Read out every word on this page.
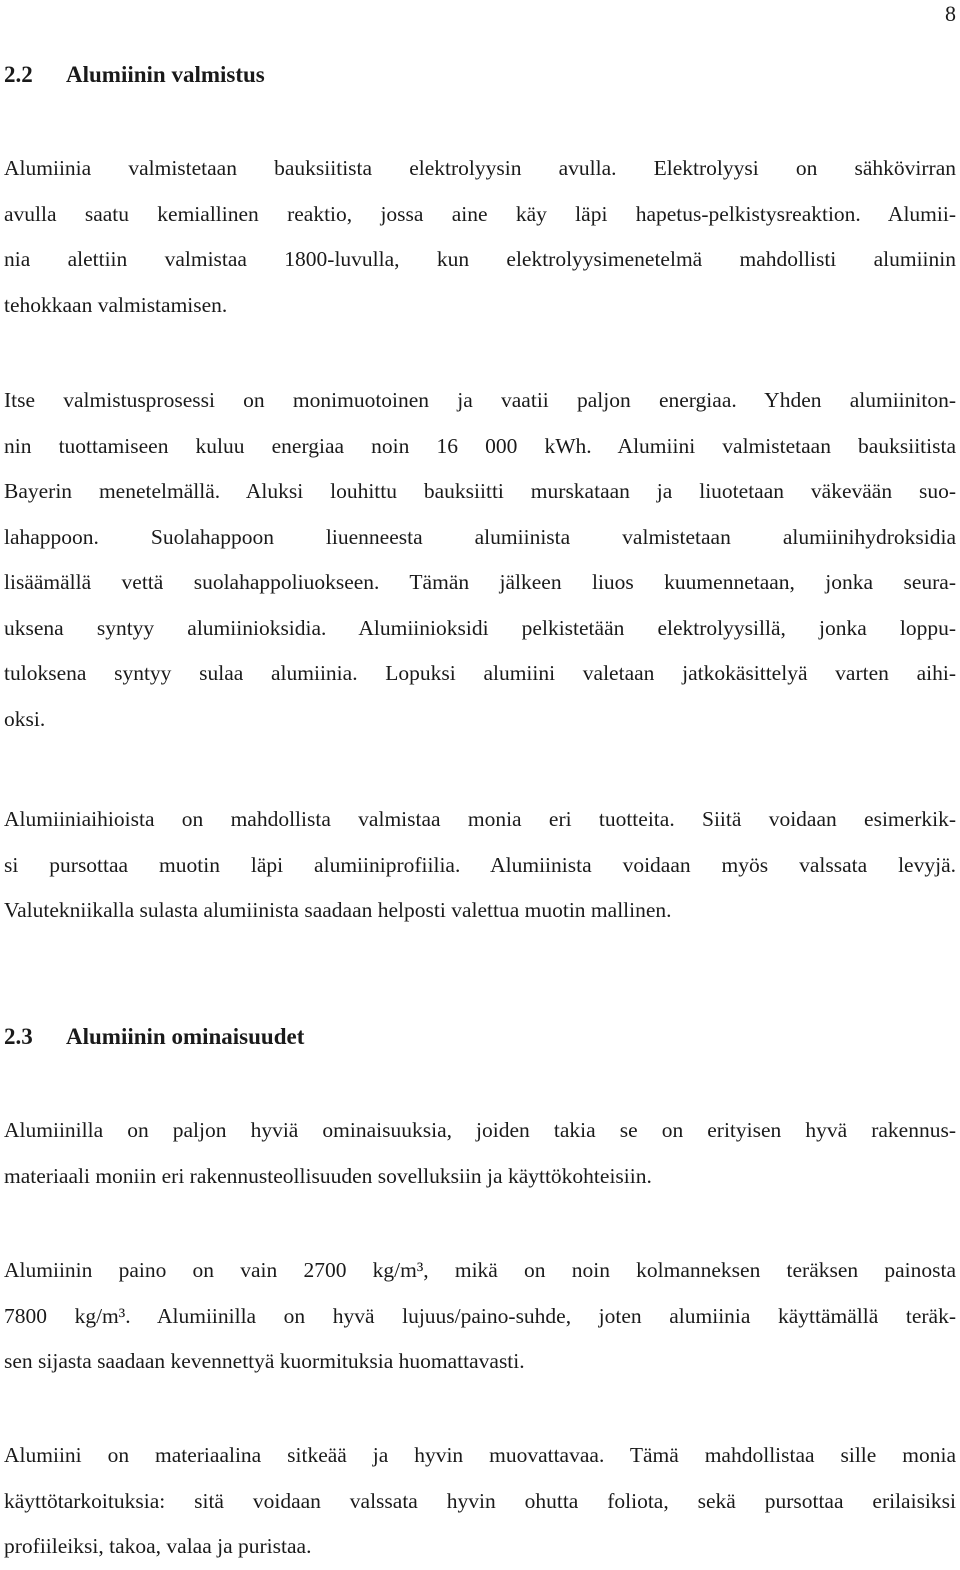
8
2.2 Alumiinin valmistus
Alumiinia valmistetaan bauksiitista elektrolyysin avulla. Elektrolyysi on sähkövirran
avulla saatu kemiallinen reaktio, jossa aine käy läpi hapetus-pelkistysreaktion. Alumii-
nia alettiin valmistaa 1800-luvulla, kun elektrolyysimenetelmä mahdollisti alumiinin
tehokkaan valmistamisen.
Itse valmistusprosessi on monimuotoinen ja vaatii paljon energiaa. Yhden alumiiniton-
nin tuottamiseen kuluu energiaa noin 16 000 kWh. Alumiini valmistetaan bauksiitista
Bayerin menetelmällä. Aluksi louhittu bauksiitti murskataan ja liuotetaan väkevään suo-
lahappoon. Suolahappoon liuenneesta alumiinista valmistetaan alumiinihydroksidia
lisäämällä vettä suolahappoliuokseen. Tämän jälkeen liuos kuumennetaan, jonka seura-
uksena syntyy alumiinioksidia. Alumiinioksidi pelkistetään elektrolyysillä, jonka loppu-
tuloksena syntyy sulaa alumiinia. Lopuksi alumiini valetaan jatkokäsittelyä varten aihi-
oksi.
Alumiiniaihioista on mahdollista valmistaa monia eri tuotteita. Siitä voidaan esimerkik-
si pursottaa muotin läpi alumiiniprofiilia. Alumiinista voidaan myös valssata levyjä.
Valutekniikalla sulasta alumiinista saadaan helposti valettua muotin mallinen.
2.3 Alumiinin ominaisuudet
Alumiinilla on paljon hyviä ominaisuuksia, joiden takia se on erityisen hyvä rakennus-
materiaali moniin eri rakennusteollisuuden sovelluksiin ja käyttökohteisiin.
Alumiinin paino on vain 2700 kg/m³, mikä on noin kolmanneksen teräksen painosta
7800 kg/m³. Alumiinilla on hyvä lujuus/paino-suhde, joten alumiinia käyttämällä teräk-
sen sijasta saadaan kevennettyä kuormituksia huomattavasti.
Alumiini on materiaalina sitkeää ja hyvin muovattavaa. Tämä mahdollistaa sille monia
käyttötarkoituksia: sitä voidaan valssata hyvin ohutta foliota, sekä pursottaa erilaisiksi
profiileiksi, takoa, valaa ja puristaa.
